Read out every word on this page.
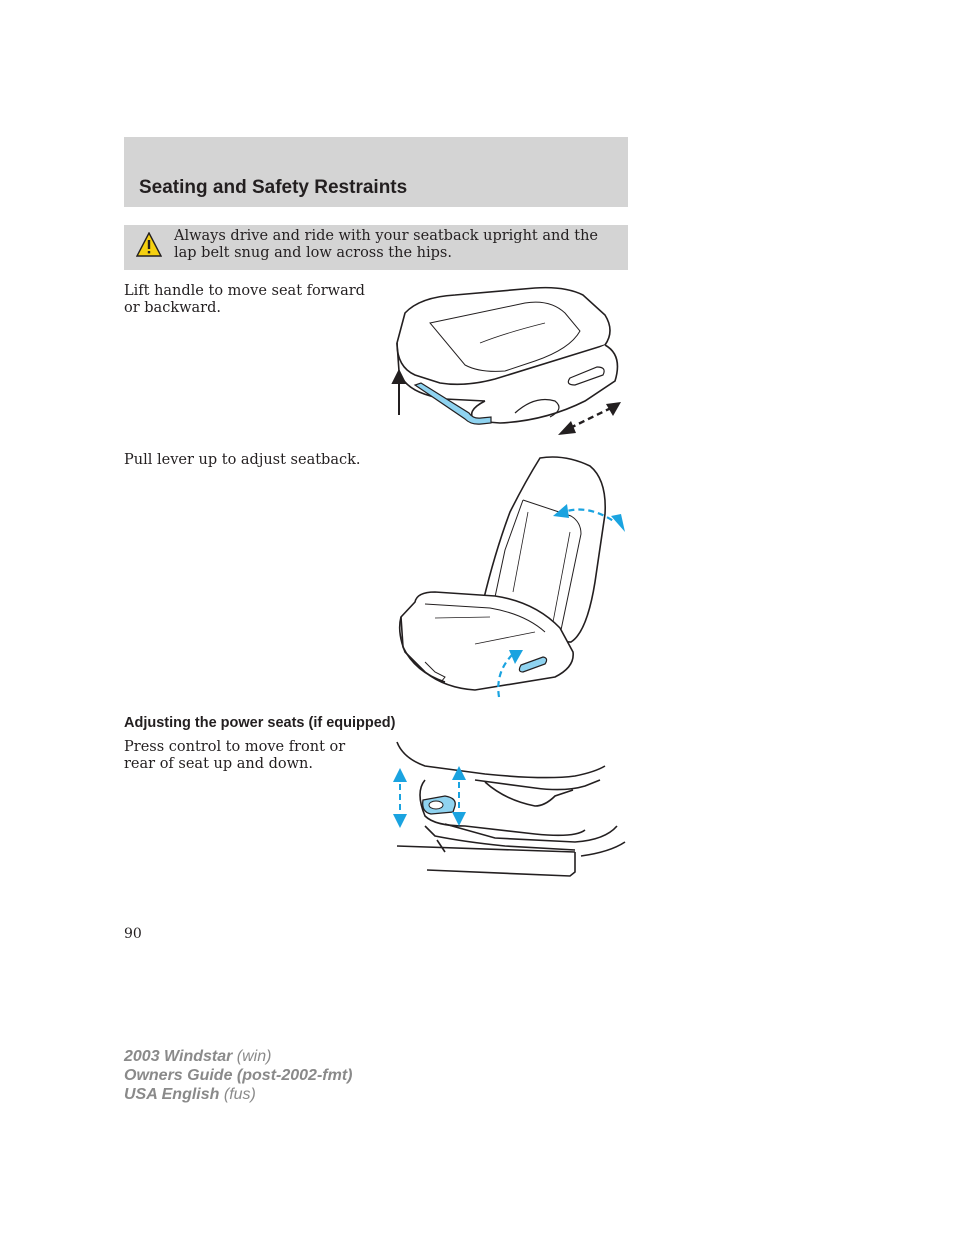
Seating and Safety Restraints
Always drive and ride with your seatback upright and the lap belt snug and low across the hips.
Lift handle to move seat forward or backward.
Pull lever up to adjust seatback.
Adjusting the power seats (if equipped)
Press control to move front or rear of seat up and down.
90
2003 Windstar (win)
Owners Guide (post-2002-fmt)
USA English (fus)
